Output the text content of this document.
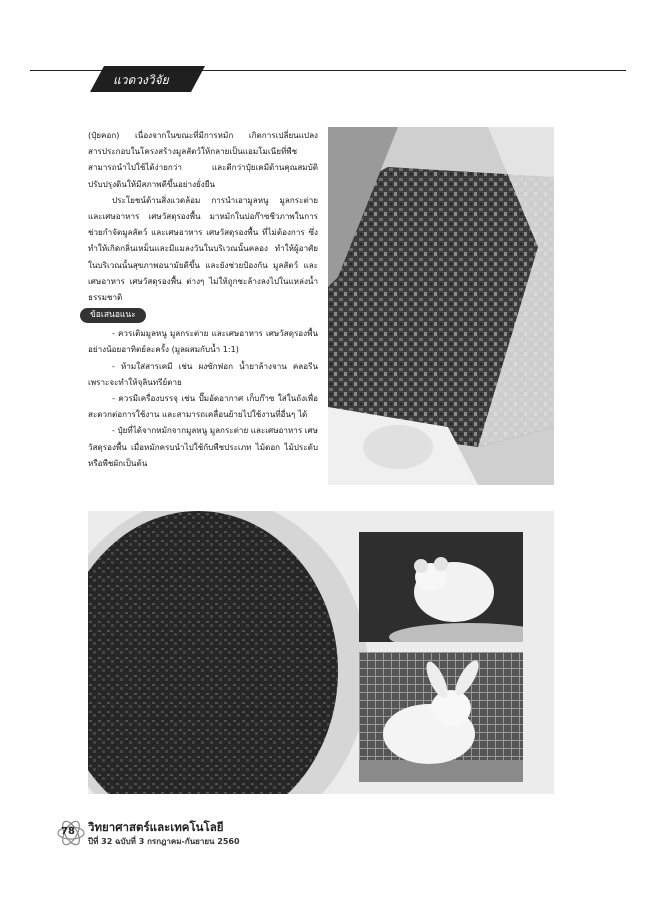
แวดวงวิจัย

(ปุ๋ยคอก) เนื่องจากในขณะที่มีการหมัก เกิดการเปลี่ยนแปลงสารประกอบในโครงสร้างมูลสัตว์ให้กลายเป็นแอมโมเนียที่พืชสามารถนำไปใช้ได้ง่ายกว่า และดีกว่าปุ๋ยเคมีด้านคุณสมบัติปรับปรุงดินให้มีสภาพดีขึ้นอย่างยั่งยืน

ประโยชน์ด้านสิ่งแวดล้อม การนำเอามูลหนู มูลกระต่าย และเศษอาหาร เศษวัสดุรองพื้น มาหมักในบ่อก๊าซชีวภาพในการช่วยกำจัดมูลสัตว์ และเศษอาหาร เศษวัสดุรองพื้น ที่ไม่ต้องการ ซึ่งทำให้เกิดกลิ่นเหม็นและมีแมลงวันในบริเวณนั้นคลอง ทำให้ผู้อาศัยในบริเวณนั้นสุขภาพอนามัยดีขึ้น และยังช่วยป้องกัน มูลสัตว์ และเศษอาหาร เศษวัสดุรองพื้น ต่างๆ ไม่ให้ถูกชะล้างลงไปในแหล่งน้ำธรรมชาติ

ข้อเสนอแนะ

- ควรเติมมูลหนู มูลกระต่าย และเศษอาหาร เศษวัสดุรองพื้น อย่างน้อยอาทิตย์ละครั้ง (มูลผสมกับน้ำ 1:1)

- ห้ามใส่สารเคมี เช่น ผงซักฟอก น้ำยาล้างจาน คลอรีน เพราะจะทำให้จุลินทรีย์ตาย

- ควรมีเครื่องบรรจุ เช่น ปั๊มอัดอากาศ เก็บก๊าซ ใส่ในถังเพื่อสะดวกต่อการใช้งาน และสามารถเคลื่อนย้ายไปใช้งานที่อื่นๆ ได้

- ปุ๋ยที่ได้จากหมักจากมูลหนู มูลกระต่าย และเศษอาหาร เศษวัสดุรองพื้น เมื่อหมักครบนำไปใช้กับพืชประเภท ไม้ดอก ไม้ประดับ หรือพืชผักเป็นต้น

78 วิทยาศาสตร์และเทคโนโลยี
ปีที่ 32 ฉบับที่ 3 กรกฎาคม-กันยายน 2560
